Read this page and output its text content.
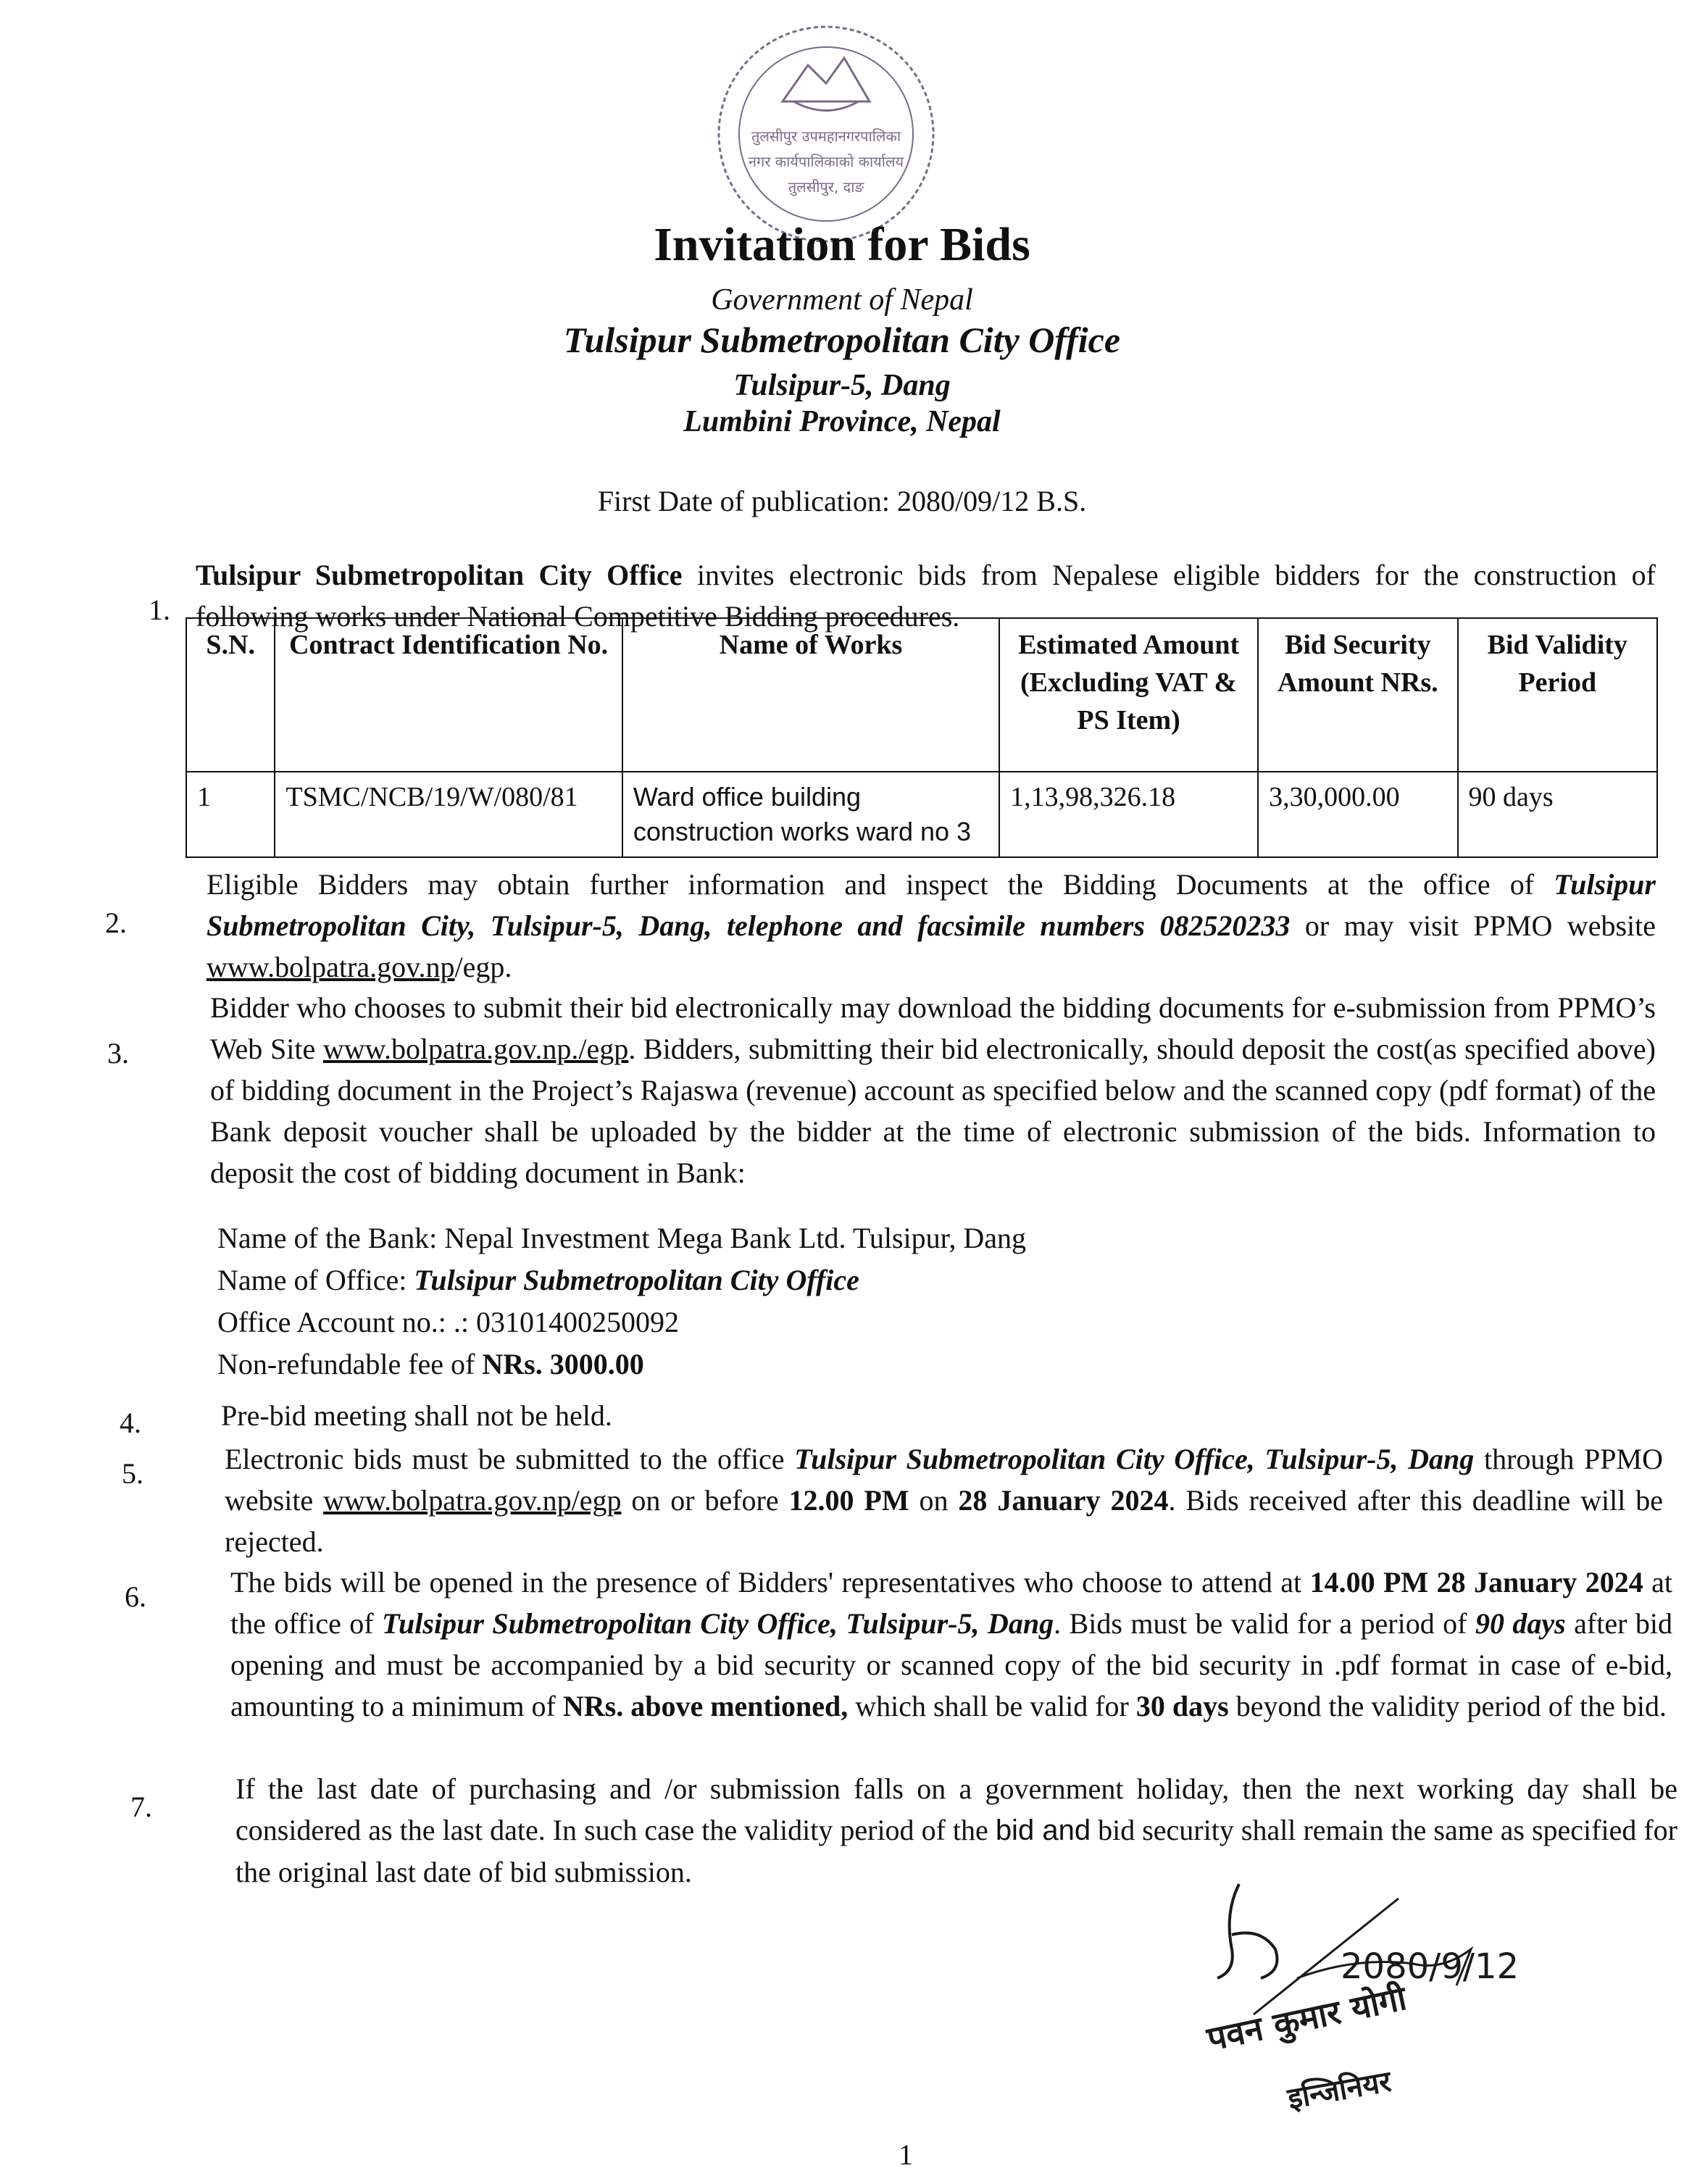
तुलसीपुर उपमहानगरपालिका
नगर कार्यपालिकाको कार्यालय
तुलसीपुर, दाङ
Invitation for Bids
Government of Nepal
Tulsipur Submetropolitan City Office
Tulsipur-5, Dang
Lumbini Province, Nepal
First Date of publication: 2080/09/12 B.S.
1.
Tulsipur Submetropolitan City Office invites electronic bids from Nepalese eligible bidders for the construction of following works under National Competitive Bidding procedures.
S.N.	Contract Identification No.	Name of Works	Estimated Amount (Excluding VAT & PS Item)	Bid Security Amount NRs.	Bid Validity Period
1	TSMC/NCB/19/W/080/81	Ward office building construction works ward no 3	1,13,98,326.18	3,30,000.00	90 days
2.
Eligible Bidders may obtain further information and inspect the Bidding Documents at the office of Tulsipur Submetropolitan City, Tulsipur-5, Dang, telephone and facsimile numbers 082520233 or may visit PPMO website www.bolpatra.gov.np/egp.
3.
Bidder who chooses to submit their bid electronically may download the bidding documents for e-submission from PPMO’s Web Site www.bolpatra.gov.np./egp. Bidders, submitting their bid electronically, should deposit the cost(as specified above) of bidding document in the Project’s Rajaswa (revenue) account as specified below and the scanned copy (pdf format) of the Bank deposit voucher shall be uploaded by the bidder at the time of electronic submission of the bids. Information to deposit the cost of bidding document in Bank:
Name of the Bank: Nepal Investment Mega Bank Ltd. Tulsipur, Dang
Name of Office: Tulsipur Submetropolitan City Office
Office Account no.: .: 03101400250092
Non-refundable fee of NRs. 3000.00
4.	Pre-bid meeting shall not be held.
5.	Electronic bids must be submitted to the office Tulsipur Submetropolitan City Office, Tulsipur-5, Dang through PPMO website www.bolpatra.gov.np/egp on or before 12.00 PM on 28 January 2024. Bids received after this deadline will be rejected.
6.	The bids will be opened in the presence of Bidders' representatives who choose to attend at 14.00 PM 28 January 2024 at the office of Tulsipur Submetropolitan City Office, Tulsipur-5, Dang. Bids must be valid for a period of 90 days after bid opening and must be accompanied by a bid security or scanned copy of the bid security in .pdf format in case of e-bid, amounting to a minimum of NRs. above mentioned, which shall be valid for 30 days beyond the validity period of the bid.
7.
If the last date of purchasing and /or submission falls on a government holiday, then the next working day shall be considered as the last date. In such case the validity period of the bid and bid security shall remain the same as specified for the original last date of bid submission.
2080/9/12
पवन कुमार योगी
इन्जिनियर
1
